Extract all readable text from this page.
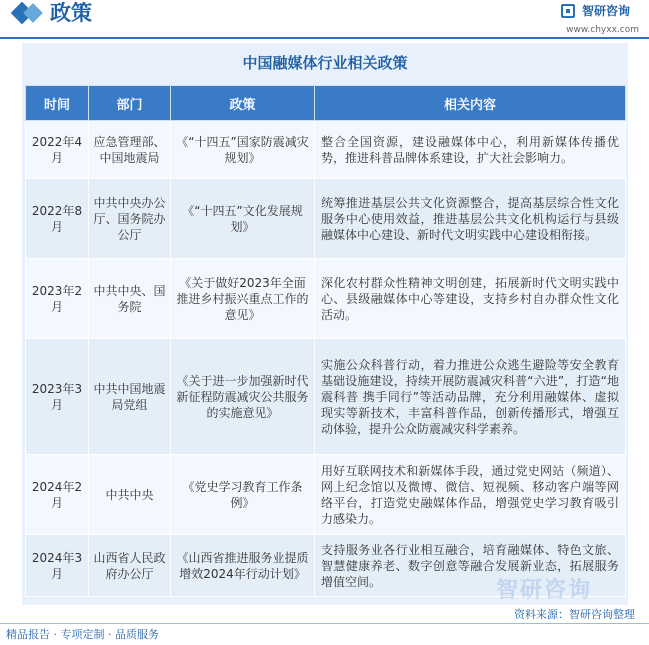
政策	智研咨询
www.chyxx.com
中国融媒体行业相关政策
时间	部门	政策	相关内容
2022年4月	应急管理部、中国地震局	《“十四五”国家防震减灾规划》	整合全国资源，建设融媒体中心，利用新媒体传播优势，推进科普品牌体系建设，扩大社会影响力。
2022年8月	中共中央办公厅、国务院办公厅	《“十四五”文化发展规划》	统筹推进基层公共文化资源整合，提高基层综合性文化服务中心使用效益，推进基层公共文化机构运行与县级融媒体中心建设、新时代文明实践中心建设相衔接。
2023年2月	中共中央、国务院	《关于做好2023年全面推进乡村振兴重点工作的意见》	深化农村群众性精神文明创建，拓展新时代文明实践中心、县级融媒体中心等建设，支持乡村自办群众性文化活动。
2023年3月	中共中国地震局党组	《关于进一步加强新时代新征程防震减灾公共服务的实施意见》	实施公众科普行动，着力推进公众逃生避险等安全教育基础设施建设，持续开展防震减灾科普“六进”，打造“地震科普 携手同行”等活动品牌，充分利用融媒体、虚拟现实等新技术，丰富科普作品，创新传播形式，增强互动体验，提升公众防震减灾科学素养。
2024年2月	中共中央	《党史学习教育工作条例》	用好互联网技术和新媒体手段，通过党史网站（频道）、网上纪念馆以及微博、微信、短视频、移动客户端等网络平台，打造党史融媒体作品，增强党史学习教育吸引力感染力。
2024年3月	山西省人民政府办公厅	《山西省推进服务业提质增效2024年行动计划》	支持服务业各行业相互融合，培育融媒体、特色文旅、智慧健康养老、数字创意等融合发展新业态，拓展服务增值空间。	智研咨询
资料来源：智研咨询整理
精品报告 · 专项定制 · 品质服务
